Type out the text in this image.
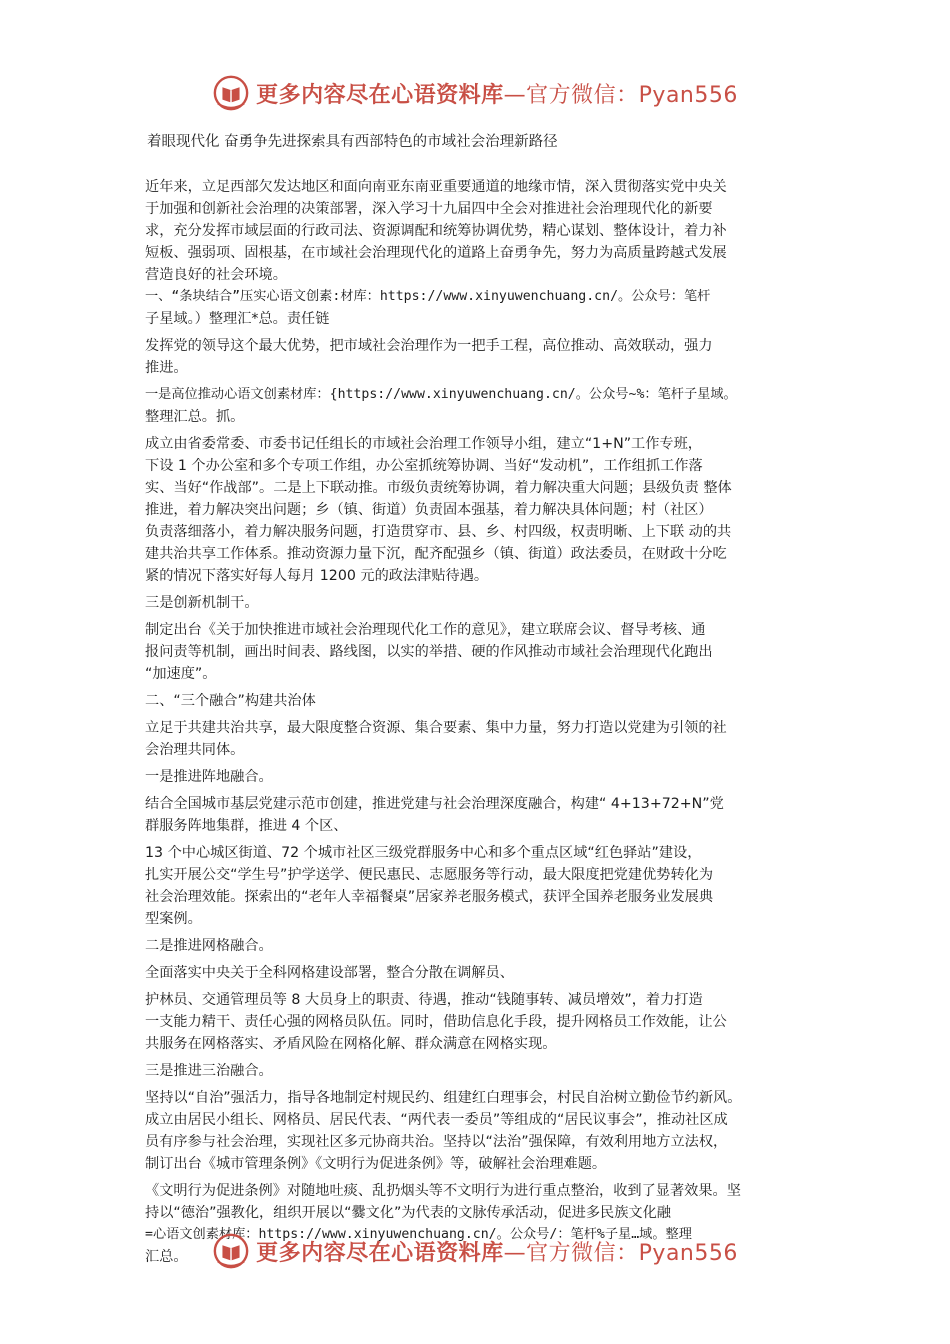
更多内容尽在心语资料库—官方微信：Pyan556
着眼现代化 奋勇争先进探索具有西部特色的市域社会治理新路径
近年来，立足西部欠发达地区和面向南亚东南亚重要通道的地缘市情，深入贯彻落实党中央关
于加强和创新社会治理的决策部署，深入学习十九届四中全会对推进社会治理现代化的新要
求，充分发挥市域层面的行政司法、资源调配和统筹协调优势，精心谋划、整体设计，着力补
短板、强弱项、固根基，在市域社会治理现代化的道路上奋勇争先，努力为高质量跨越式发展
营造良好的社会环境。
一、“条块结合”压实心语文创素:材库：https://www.xinyuwenchuang.cn/。公众号：笔杆
子星域。）整理汇*总。责任链
发挥党的领导这个最大优势，把市域社会治理作为一把手工程，高位推动、高效联动，强力
推进。
一是高位推动心语文创素材库：{https://www.xinyuwenchuang.cn/。公众号~%：笔杆子星域。
整理汇总。抓。
成立由省委常委、市委书记任组长的市域社会治理工作领导小组，建立“1+N”工作专班，
下设 1 个办公室和多个专项工作组，办公室抓统筹协调、当好“发动机”，工作组抓工作落
实、当好“作战部”。二是上下联动推。市级负责统筹协调，着力解决重大问题；县级负责 整体
推进，着力解决突出问题；乡（镇、街道）负责固本强基，着力解决具体问题；村（社区）
负责落细落小，着力解决服务问题，打造贯穿市、县、乡、村四级，权责明晰、上下联 动的共
建共治共享工作体系。推动资源力量下沉，配齐配强乡（镇、街道）政法委员，在财政十分吃
紧的情况下落实好每人每月 1200 元的政法津贴待遇。
三是创新机制干。
制定出台《关于加快推进市域社会治理现代化工作的意见》，建立联席会议、督导考核、通
报问责等机制，画出时间表、路线图，以实的举措、硬的作风推动市域社会治理现代化跑出
“加速度”。
二、“三个融合”构建共治体
立足于共建共治共享，最大限度整合资源、集合要素、集中力量，努力打造以党建为引领的社
会治理共同体。
一是推进阵地融合。
结合全国城市基层党建示范市创建，推进党建与社会治理深度融合，构建“ 4+13+72+N”党
群服务阵地集群，推进 4 个区、
13 个中心城区街道、72 个城市社区三级党群服务中心和多个重点区域“红色驿站”建设，
扎实开展公交“学生号”护学送学、便民惠民、志愿服务等行动，最大限度把党建优势转化为
社会治理效能。探索出的“老年人幸福餐桌”居家养老服务模式，获评全国养老服务业发展典
型案例。
二是推进网格融合。
全面落实中央关于全科网格建设部署，整合分散在调解员、
护林员、交通管理员等 8 大员身上的职责、待遇，推动“钱随事转、减员增效”，着力打造
一支能力精干、责任心强的网格员队伍。同时，借助信息化手段，提升网格员工作效能，让公
共服务在网格落实、矛盾风险在网格化解、群众满意在网格实现。
三是推进三治融合。
坚持以“自治”强活力，指导各地制定村规民约、组建红白理事会，村民自治树立勤俭节约新风。
成立由居民小组长、网格员、居民代表、“两代表一委员”等组成的“居民议事会”，推动社区成
员有序参与社会治理，实现社区多元协商共治。坚持以“法治”强保障，有效利用地方立法权，
制订出台《城市管理条例》《文明行为促进条例》等，破解社会治理难题。
《文明行为促进条例》对随地吐痰、乱扔烟头等不文明行为进行重点整治，收到了显著效果。坚
持以“德治”强教化，组织开展以“爨文化”为代表的文脉传承活动，促进多民族文化融
=心语文创素材库：https://www.xinyuwenchuang.cn/。公众号/：笔杆%子星…域。整理
汇总。	更多内容尽在心语资料库—官方微信：Pyan556
